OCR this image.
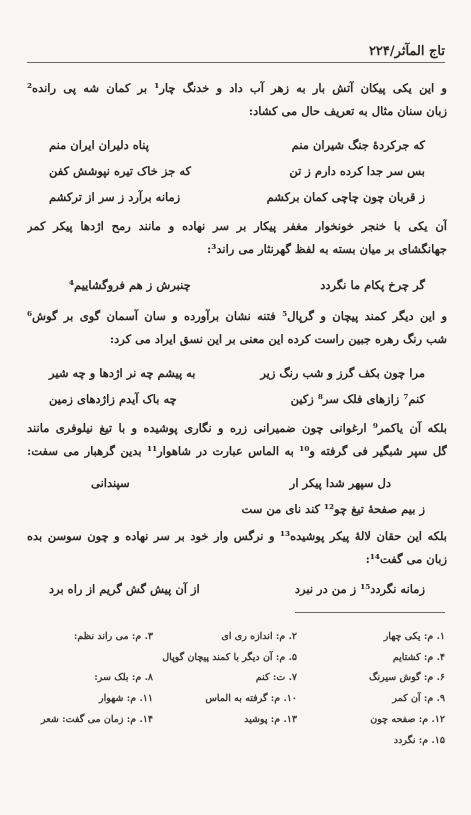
تاج المآثر/۲۲۴
و این یکی پیکان آتش بار به زهر آب داد و خدنگ چار¹ بر کمان شه پی رانده²
زبان سنان مثال به تعریف حال می کشاد:
که جرکردهٔ جنگ شیران منم
پناه دلیران ایران منم
بس سر جدا کرده دارم ز تن
که جز خاک تیره نپوشش کفن
ز قربان چون چاچی کمان برکشم
زمانه برآرد ز سر از ترکشم
آن یکی با خنجر خونخوار مغفر پیکار بر سر نهاده و مانند رمح اژدها پیکر کمر
جهانگشای بر میان بسته به لفظ گهرنثار می راند³:
گر چرخ پکام ما نگردد
چنبرش ز هم فروگشاییم⁴
و این دیگر کمند پیچان و گرپال⁵ فتنه نشان برآورده و سان آسمان گوی بر گوش⁶
شب رنگ رهره جبین راست کرده این معنی بر این نسق ایراد می کرد:
مرا چون بکف گرز و شب رنگ زیر
به پیشم چه نر اژدها و چه شیر
کنم⁷ زازهای فلک سر⁸ زکین
چه باک آیدم زاژدهای زمین
بلکه آن یاکمر⁹ ارغوانی چون ضمیرانی زره و نگاری پوشیده و با تیغ نیلوفری مانند
گل سپر شبگیر فی گرفته و¹⁰ به الماس عبارت در شاهوار¹¹ بدین گرهبار می سفت:
دل سپهر شدا پیکر ار
سپندانی
ز بیم صفحهٔ تیغ چو¹² کند نای من ست
بلکه این حقان لالهٔ پیکر پوشیده¹³ و نرگس وار خود بر سر نهاده و چون سوسن بده
زبان می گفت¹⁴:
زمانه نگردد¹⁵ ز من در نبرد
از آن پیش گش گریم از راه برد
۱. م: یکی چهار
۴. م: کشتایم
۶. م: گوش سیرنگ
۹. م: آن کمر
۱۲. م: صفحه چون
۱۵. م: نگردد
۲. م: اندازه ری ای
۵. م: آن دیگر با کمند پیچان گوپال
۷. ت: کنم
۱۰. م: گرفته به الماس
۱۳. م: پوشید
۳. م: می راند نظم:
۸. م: بلک سر:
۱۱. م: شهوار
۱۴. م: زمان می گفت: شعر
